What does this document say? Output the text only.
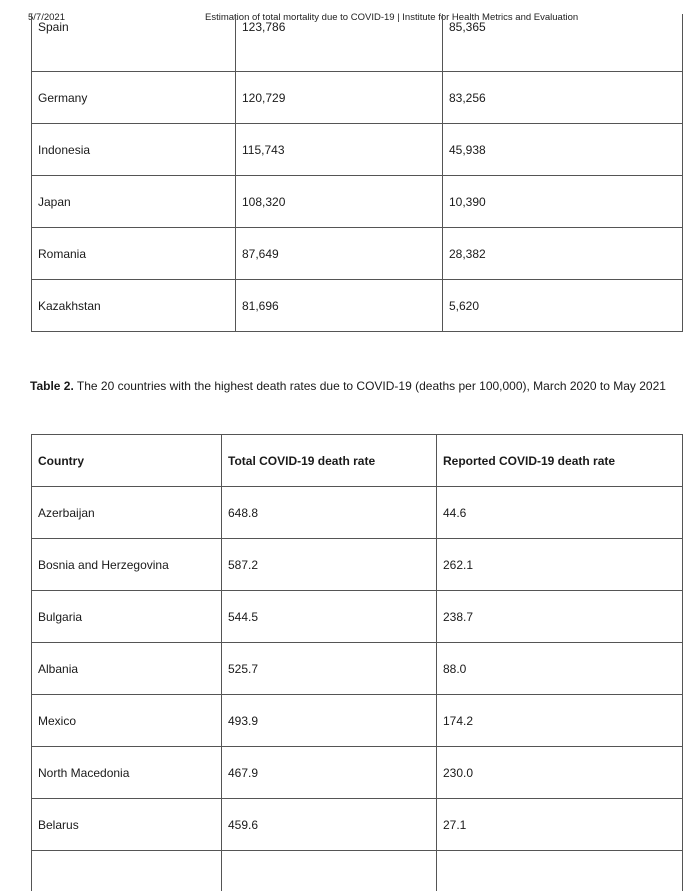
5/7/2021	Estimation of total mortality due to COVID-19 | Institute for Health Metrics and Evaluation
Spain	123,786	85,365
Germany	120,729	83,256
Indonesia	115,743	45,938
Japan	108,320	10,390
Romania	87,649	28,382
Kazakhstan	81,696	5,620
Table 2. The 20 countries with the highest death rates due to COVID-19 (deaths per 100,000), March 2020 to May 2021
Country	Total COVID-19 death rate	Reported COVID-19 death rate
Azerbaijan	648.8	44.6
Bosnia and Herzegovina	587.2	262.1
Bulgaria	544.5	238.7
Albania	525.7	88.0
Mexico	493.9	174.2
North Macedonia	467.9	230.0
Belarus	459.6	27.1
